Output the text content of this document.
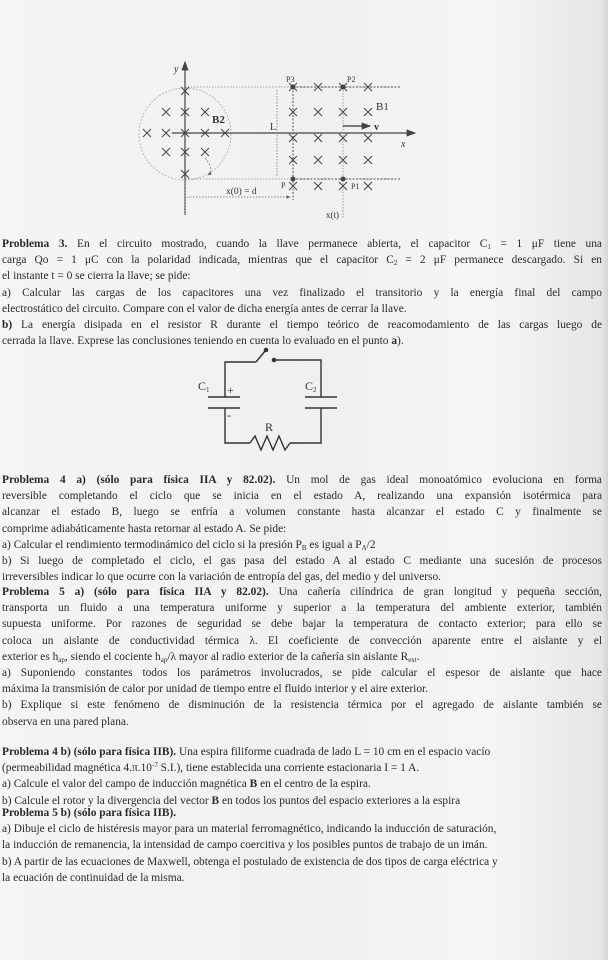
y
x
L
x(0) = d
x(t)
v
P3	P2
P	P1
B2
B1
Problema 3. En el circuito mostrado, cuando la llave permanece abierta, el capacitor $C_1 = 1$ μF tiene una
carga Qo = 1 μC con la polaridad indicada, mientras que el capacitor $C_2 = 2$ μF permanece descargado. Si en
el instante t = 0 se cierra la llave; se pide:
a) Calcular las cargas de los capacitores una vez finalizado el transitorio y la energía final del campo
electrostático del circuito. Compare con el valor de dicha energía antes de cerrar la llave.
b) La energía disipada en el resistor R durante el tiempo teórico de reacomodamiento de las cargas luego de
cerrada la llave. Exprese las conclusiones teniendo en cuenta lo evaluado en el punto a).
C1 +
-
C2
R
Problema 4 a) (sólo para física IIA y 82.02). Un mol de gas ideal monoatómico evoluciona en forma
reversible completando el ciclo que se inicia en el estado A, realizando una expansión isotérmica para
alcanzar el estado B, luego se enfría a volumen constante hasta alcanzar el estado C y finalmente se
comprime adiabáticamente hasta retornar al estado A. Se pide:
a) Calcular el rendimiento termodinámico del ciclo si la presión $P_B$ es igual a $P_A/2$
b) Si luego de completado el ciclo, el gas pasa del estado A al estado C mediante una sucesión de procesos
irreversibles indicar lo que ocurre con la variación de entropía del gas, del medio y del universo.
Problema 5 a) (sólo para física IIA y 82.02). Una cañería cilíndrica de gran longitud y pequeña sección,
transporta un fluido a una temperatura uniforme y superior a la temperatura del ambiente exterior, también
supuesta uniforme. Por razones de seguridad se debe bajar la temperatura de contacto exterior; para ello se
coloca un aislante de conductividad térmica λ. El coeficiente de convección aparente entre el aislante y el
exterior es $h_{ap}$, siendo el cociente $h_{ap}/\lambda$ mayor al radio exterior de la cañería sin aislante $R_{ext}$.
a) Suponiendo constantes todos los parámetros involucrados, se pide calcular el espesor de aislante que hace
máxima la transmisión de calor por unidad de tiempo entre el fluido interior y el aire exterior.
b) Explique si este fenómeno de disminución de la resistencia térmica por el agregado de aislante también se
observa en una pared plana.
Problema 4 b) (sólo para física IIB). Una espira filiforme cuadrada de lado L = 10 cm en el espacio vacío
(permeabilidad magnética $4.\pi.10^{-7}$ S.I.), tiene establecida una corriente estacionaria I = 1 A.
a) Calcule el valor del campo de inducción magnética B en el centro de la espira.
b) Calcule el rotor y la divergencia del vector B en todos los puntos del espacio exteriores a la espira
Problema 5 b) (sólo para física IIB).
a) Dibuje el ciclo de histéresis mayor para un material ferromagnético, indicando la inducción de saturación,
la inducción de remanencia, la intensidad de campo coercitiva y los posibles puntos de trabajo de un imán.
b) A partir de las ecuaciones de Maxwell, obtenga el postulado de existencia de dos tipos de carga eléctrica y
la ecuación de continuidad de la misma.
